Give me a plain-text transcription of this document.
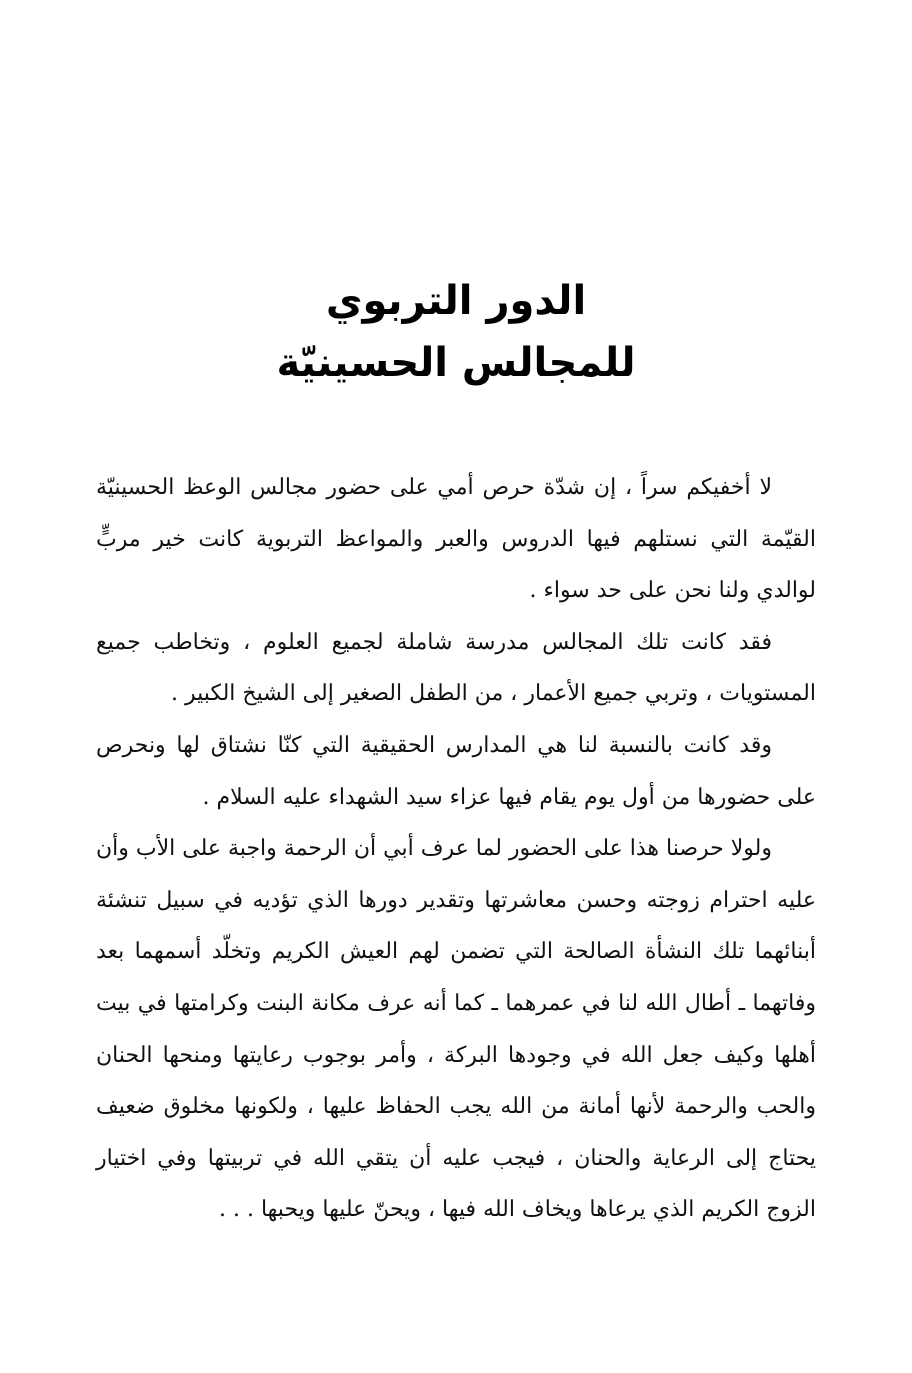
الدور التربوي
للمجالس الحسينيّة

لا أخفيكم سراً ، إن شدّة حرص أمي على حضور مجالس الوعظ الحسينيّة القيّمة التي نستلهم فيها الدروس والعبر والمواعظ التربوية كانت خير مربٍّ لوالدي ولنا نحن على حد سواء .

فقد كانت تلك المجالس مدرسة شاملة لجميع العلوم ، وتخاطب جميع المستويات ، وتربي جميع الأعمار ، من الطفل الصغير إلى الشيخ الكبير .

وقد كانت بالنسبة لنا هي المدارس الحقيقية التي كنّا نشتاق لها ونحرص على حضورها من أول يوم يقام فيها عزاء سيد الشهداء عليه السلام .

ولولا حرصنا هذا على الحضور لما عرف أبي أن الرحمة واجبة على الأب وأن عليه احترام زوجته وحسن معاشرتها وتقدير دورها الذي تؤديه في سبيل تنشئة أبنائهما تلك النشأة الصالحة التي تضمن لهم العيش الكريم وتخلّد أسمهما بعد وفاتهما ـ أطال الله لنا في عمرهما ـ كما أنه عرف مكانة البنت وكرامتها في بيت أهلها وكيف جعل الله في وجودها البركة ، وأمر بوجوب رعايتها ومنحها الحنان والحب والرحمة لأنها أمانة من الله يجب الحفاظ عليها ، ولكونها مخلوق ضعيف يحتاج إلى الرعاية والحنان ، فيجب عليه أن يتقي الله في تربيتها وفي اختيار الزوج الكريم الذي يرعاها ويخاف الله فيها ، ويحنّ عليها ويحبها . . .
